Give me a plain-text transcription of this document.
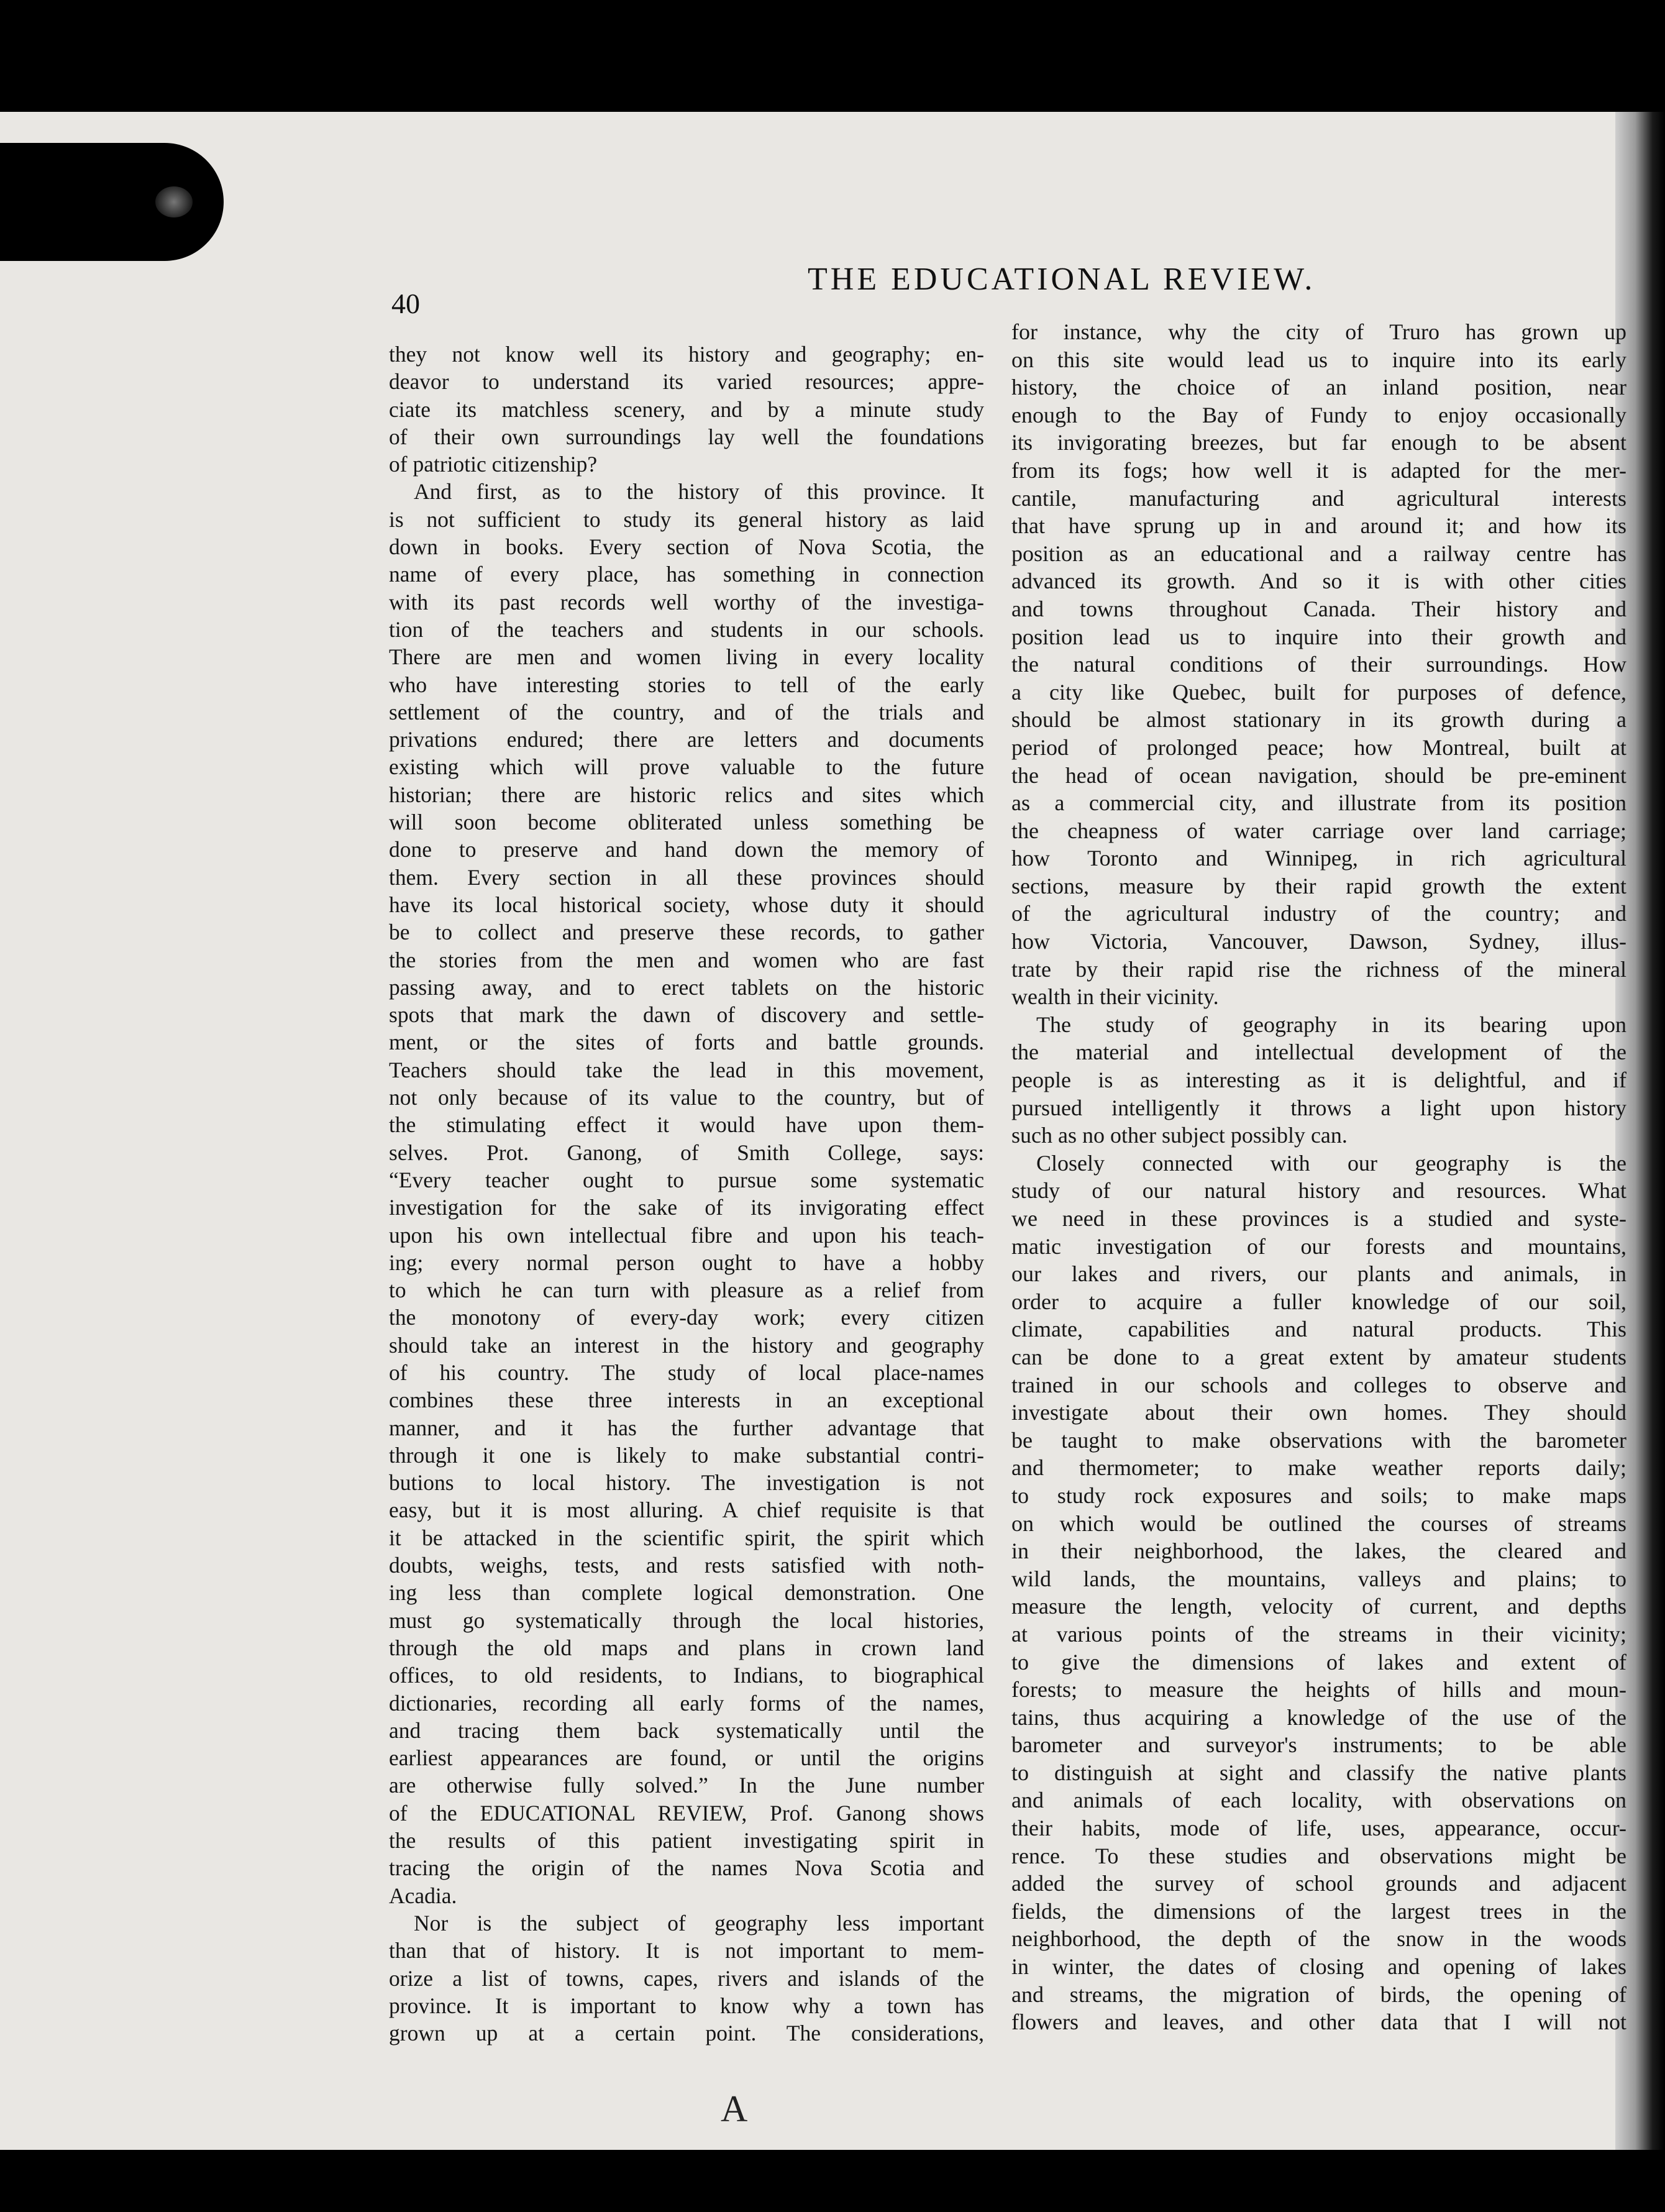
40
THE EDUCATIONAL REVIEW.
they not know well its history and geography; en-
deavor to understand its varied resources; appre-
ciate its matchless scenery, and by a minute study
of their own surroundings lay well the foundations
of patriotic citizenship?
And first, as to the history of this province. It
is not sufficient to study its general history as laid
down in books. Every section of Nova Scotia, the
name of every place, has something in connection
with its past records well worthy of the investiga-
tion of the teachers and students in our schools.
There are men and women living in every locality
who have interesting stories to tell of the early
settlement of the country, and of the trials and
privations endured; there are letters and documents
existing which will prove valuable to the future
historian; there are historic relics and sites which
will soon become obliterated unless something be
done to preserve and hand down the memory of
them. Every section in all these provinces should
have its local historical society, whose duty it should
be to collect and preserve these records, to gather
the stories from the men and women who are fast
passing away, and to erect tablets on the historic
spots that mark the dawn of discovery and settle-
ment, or the sites of forts and battle grounds.
Teachers should take the lead in this movement,
not only because of its value to the country, but of
the stimulating effect it would have upon them-
selves. Prot. Ganong, of Smith College, says:
“Every teacher ought to pursue some systematic
investigation for the sake of its invigorating effect
upon his own intellectual fibre and upon his teach-
ing; every normal person ought to have a hobby
to which he can turn with pleasure as a relief from
the monotony of every-day work; every citizen
should take an interest in the history and geography
of his country. The study of local place-names
combines these three interests in an exceptional
manner, and it has the further advantage that
through it one is likely to make substantial contri-
butions to local history. The investigation is not
easy, but it is most alluring. A chief requisite is that
it be attacked in the scientific spirit, the spirit which
doubts, weighs, tests, and rests satisfied with noth-
ing less than complete logical demonstration. One
must go systematically through the local histories,
through the old maps and plans in crown land
offices, to old residents, to Indians, to biographical
dictionaries, recording all early forms of the names,
and tracing them back systematically until the
earliest appearances are found, or until the origins
are otherwise fully solved.” In the June number
of the EDUCATIONAL REVIEW, Prof. Ganong shows
the results of this patient investigating spirit in
tracing the origin of the names Nova Scotia and
Acadia.
Nor is the subject of geography less important
than that of history. It is not important to mem-
orize a list of towns, capes, rivers and islands of the
province. It is important to know why a town has
grown up at a certain point. The considerations,
for instance, why the city of Truro has grown up
on this site would lead us to inquire into its early
history, the choice of an inland position, near
enough to the Bay of Fundy to enjoy occasionally
its invigorating breezes, but far enough to be absent
from its fogs; how well it is adapted for the mer-
cantile, manufacturing and agricultural interests
that have sprung up in and around it; and how its
position as an educational and a railway centre has
advanced its growth. And so it is with other cities
and towns throughout Canada. Their history and
position lead us to inquire into their growth and
the natural conditions of their surroundings. How
a city like Quebec, built for purposes of defence,
should be almost stationary in its growth during a
period of prolonged peace; how Montreal, built at
the head of ocean navigation, should be pre-eminent
as a commercial city, and illustrate from its position
the cheapness of water carriage over land carriage;
how Toronto and Winnipeg, in rich agricultural
sections, measure by their rapid growth the extent
of the agricultural industry of the country; and
how Victoria, Vancouver, Dawson, Sydney, illus-
trate by their rapid rise the richness of the mineral
wealth in their vicinity.
The study of geography in its bearing upon
the material and intellectual development of the
people is as interesting as it is delightful, and if
pursued intelligently it throws a light upon history
such as no other subject possibly can.
Closely connected with our geography is the
study of our natural history and resources. What
we need in these provinces is a studied and syste-
matic investigation of our forests and mountains,
our lakes and rivers, our plants and animals, in
order to acquire a fuller knowledge of our soil,
climate, capabilities and natural products. This
can be done to a great extent by amateur students
trained in our schools and colleges to observe and
investigate about their own homes. They should
be taught to make observations with the barometer
and thermometer; to make weather reports daily;
to study rock exposures and soils; to make maps
on which would be outlined the courses of streams
in their neighborhood, the lakes, the cleared and
wild lands, the mountains, valleys and plains; to
measure the length, velocity of current, and depths
at various points of the streams in their vicinity;
to give the dimensions of lakes and extent of
forests; to measure the heights of hills and moun-
tains, thus acquiring a knowledge of the use of the
barometer and surveyor's instruments; to be able
to distinguish at sight and classify the native plants
and animals of each locality, with observations on
their habits, mode of life, uses, appearance, occur-
rence. To these studies and observations might be
added the survey of school grounds and adjacent
fields, the dimensions of the largest trees in the
neighborhood, the depth of the snow in the woods
in winter, the dates of closing and opening of lakes
and streams, the migration of birds, the opening of
flowers and leaves, and other data that I will not
A
